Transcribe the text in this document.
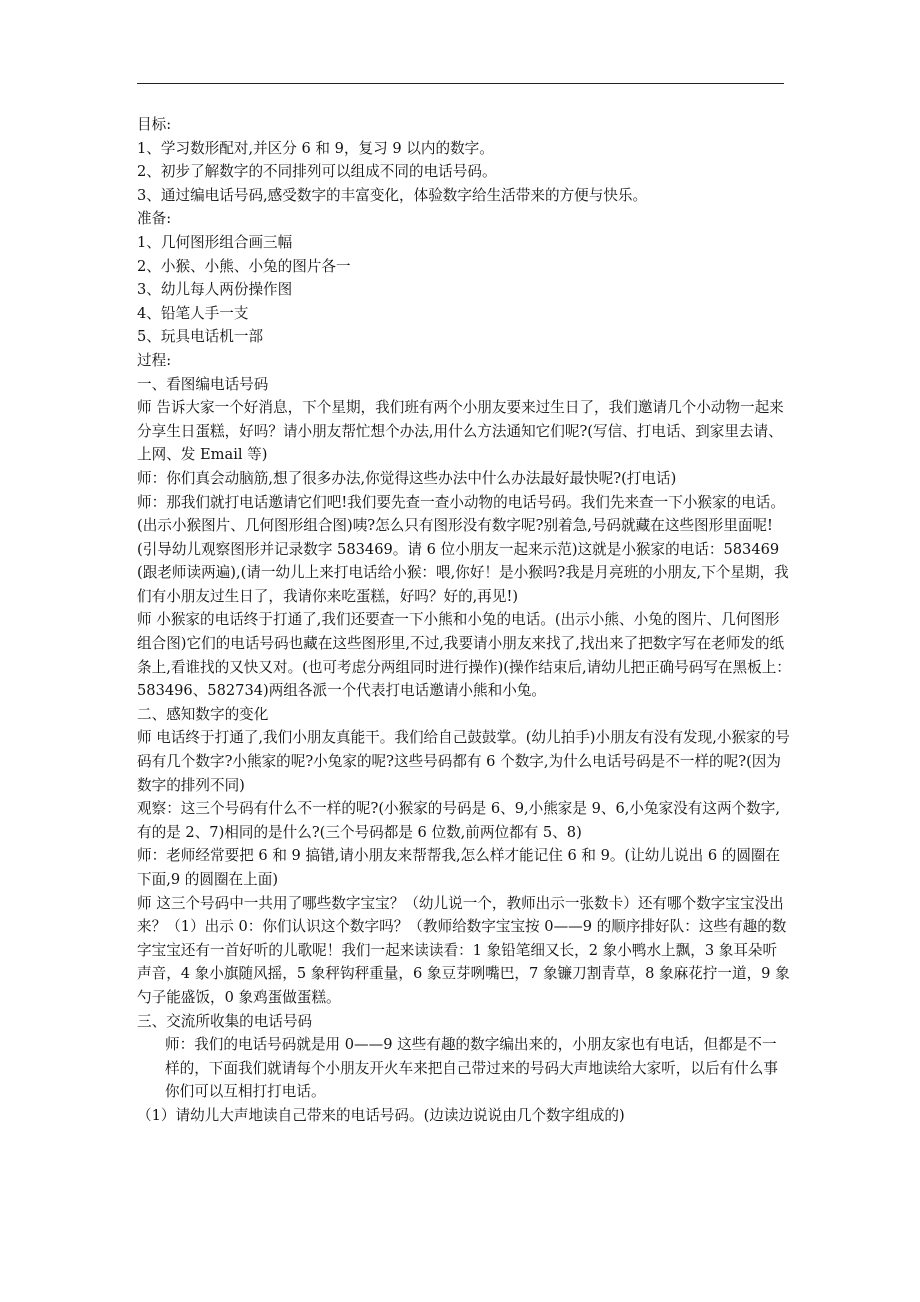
目标:

1、学习数形配对,并区分 6 和 9，复习 9 以内的数字。

2、初步了解数字的不同排列可以组成不同的电话号码。

3、通过编电话号码,感受数字的丰富变化，体验数字给生活带来的方便与快乐。

准备:

1、几何图形组合画三幅

2、小猴、小熊、小兔的图片各一

3、幼儿每人两份操作图

4、铅笔人手一支

5、玩具电话机一部

过程:

一、看图编电话号码

师 告诉大家一个好消息，下个星期，我们班有两个小朋友要来过生日了，我们邀请几个小动物一起来分享生日蛋糕，好吗？请小朋友帮忙想个办法,用什么方法通知它们呢?(写信、打电话、到家里去请、上网、发 Email 等)

师：你们真会动脑筋,想了很多办法,你觉得这些办法中什么办法最好最快呢?(打电话)

师：那我们就打电话邀请它们吧!我们要先查一查小动物的电话号码。我们先来查一下小猴家的电话。(出示小猴图片、几何图形组合图)咦?怎么只有图形没有数字呢?别着急,号码就藏在这些图形里面呢!(引导幼儿观察图形并记录数字 583469。请 6 位小朋友一起来示范)这就是小猴家的电话：583469(跟老师读两遍),(请一幼儿上来打电话给小猴：喂,你好！是小猴吗?我是月亮班的小朋友,下个星期，我们有小朋友过生日了，我请你来吃蛋糕，好吗？好的,再见!)

师 小猴家的电话终于打通了,我们还要查一下小熊和小兔的电话。(出示小熊、小兔的图片、几何图形组合图)它们的电话号码也藏在这些图形里,不过,我要请小朋友来找了,找出来了把数字写在老师发的纸条上,看谁找的又快又对。(也可考虑分两组同时进行操作)(操作结束后,请幼儿把正确号码写在黑板上：583496、582734)两组各派一个代表打电话邀请小熊和小兔。

二、感知数字的变化

师 电话终于打通了,我们小朋友真能干。我们给自己鼓鼓掌。(幼儿拍手)小朋友有没有发现,小猴家的号码有几个数字?小熊家的呢?小兔家的呢?这些号码都有 6 个数字,为什么电话号码是不一样的呢?(因为数字的排列不同)

观察：这三个号码有什么不一样的呢?(小猴家的号码是 6、9,小熊家是 9、6,小兔家没有这两个数字,有的是 2、7)相同的是什么?(三个号码都是 6 位数,前两位都有 5、8)

师：老师经常要把 6 和 9 搞错,请小朋友来帮帮我,怎么样才能记住 6 和 9。(让幼儿说出 6 的圆圈在下面,9 的圆圈在上面)

师 这三个号码中一共用了哪些数字宝宝？（幼儿说一个，教师出示一张数卡）还有哪个数字宝宝没出来？（1）出示 0：你们认识这个数字吗？（教师给数字宝宝按 0——9 的顺序排好队：这些有趣的数字宝宝还有一首好听的儿歌呢！我们一起来读读看：1 象铅笔细又长，2 象小鸭水上飘，3 象耳朵听声音，4 象小旗随风摇，5 象秤钩秤重量，6 象豆芽咧嘴巴，7 象镰刀割青草，8 象麻花拧一道，9 象勺子能盛饭，0 象鸡蛋做蛋糕。

三、交流所收集的电话号码

师：我们的电话号码就是用 0——9 这些有趣的数字编出来的，小朋友家也有电话，但都是不一样的，下面我们就请每个小朋友开火车来把自己带过来的号码大声地读给大家听，以后有什么事你们可以互相打打电话。

（1）请幼儿大声地读自己带来的电话号码。(边读边说说由几个数字组成的)
